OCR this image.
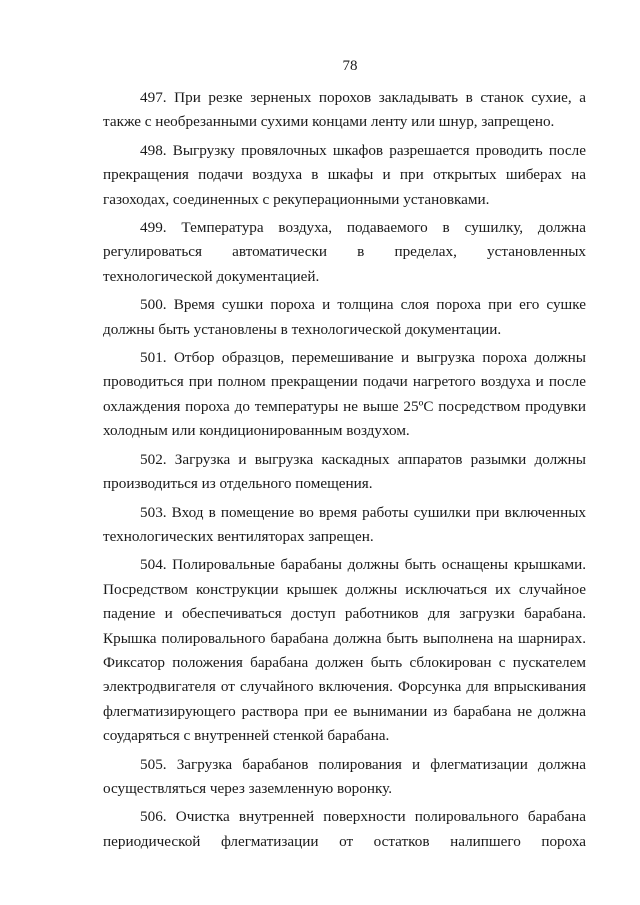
78

497. При резке зерненых порохов закладывать в станок сухие, а также с необрезанными сухими концами ленту или шнур, запрещено.

498. Выгрузку провялочных шкафов разрешается проводить после прекращения подачи воздуха в шкафы и при открытых шиберах на газоходах, соединенных с рекуперационными установками.

499. Температура воздуха, подаваемого в сушилку, должна регулироваться автоматически в пределах, установленных технологической документацией.

500. Время сушки пороха и толщина слоя пороха при его сушке должны быть установлены в технологической документации.

501. Отбор образцов, перемешивание и выгрузка пороха должны проводиться при полном прекращении подачи нагретого воздуха и после охлаждения пороха до температуры не выше 25ºС посредством продувки холодным или кондиционированным воздухом.

502. Загрузка и выгрузка каскадных аппаратов разымки должны производиться из отдельного помещения.

503. Вход в помещение во время работы сушилки при включенных технологических вентиляторах запрещен.

504. Полировальные барабаны должны быть оснащены крышками. Посредством конструкции крышек должны исключаться их случайное падение и обеспечиваться доступ работников для загрузки барабана. Крышка полировального барабана должна быть выполнена на шарнирах. Фиксатор положения барабана должен быть сблокирован с пускателем электродвигателя от случайного включения. Форсунка для впрыскивания флегматизирующего раствора при ее вынимании из барабана не должна соударяться с внутренней стенкой барабана.

505. Загрузка барабанов полирования и флегматизации должна осуществляться через заземленную воронку.

506. Очистка внутренней поверхности полировального барабана периодической флегматизации от остатков налипшего пороха
